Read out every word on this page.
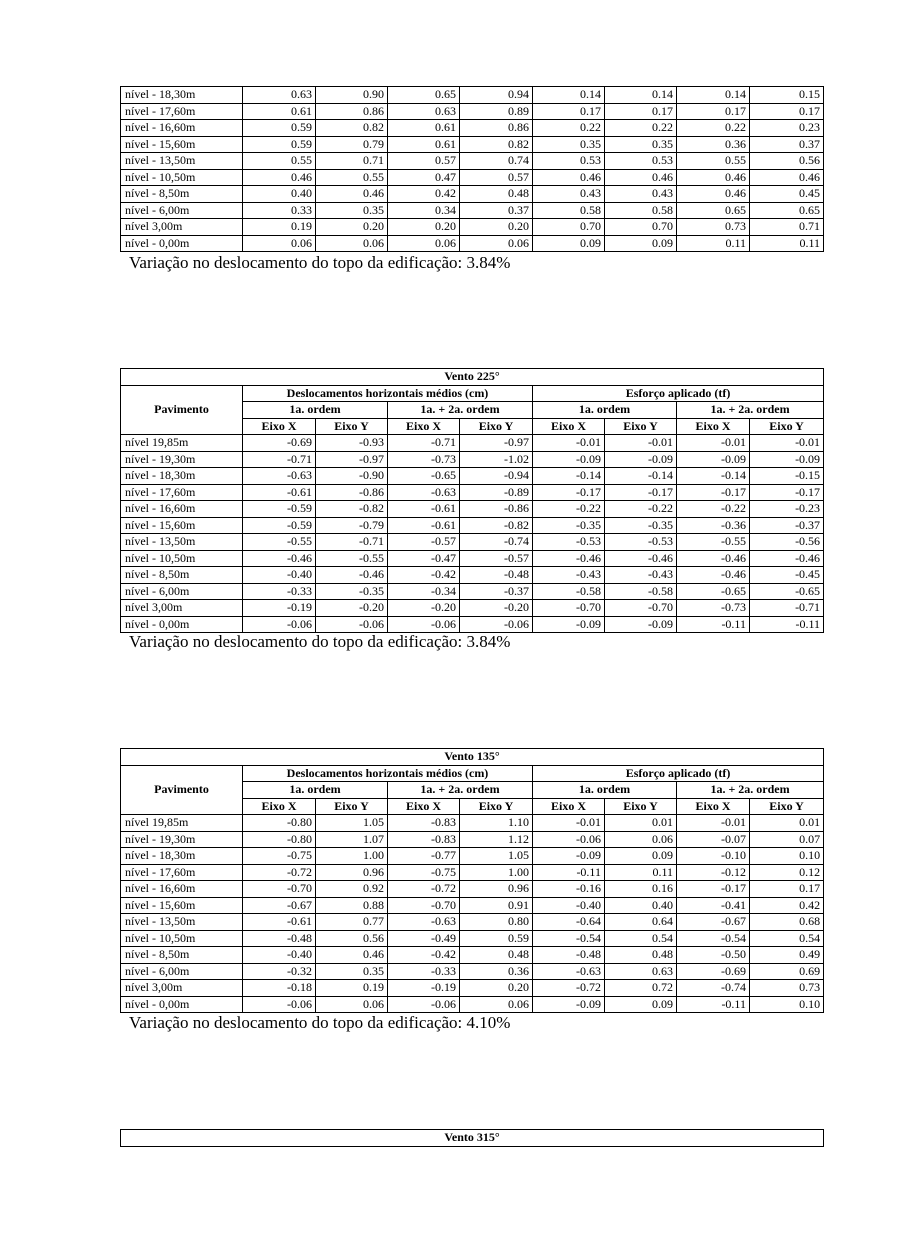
nível - 18,30m	0.63	0.90	0.65	0.94	0.14	0.14	0.14	0.15
nível - 17,60m	0.61	0.86	0.63	0.89	0.17	0.17	0.17	0.17
nível - 16,60m	0.59	0.82	0.61	0.86	0.22	0.22	0.22	0.23
nível - 15,60m	0.59	0.79	0.61	0.82	0.35	0.35	0.36	0.37
nível - 13,50m	0.55	0.71	0.57	0.74	0.53	0.53	0.55	0.56
nível - 10,50m	0.46	0.55	0.47	0.57	0.46	0.46	0.46	0.46
nível - 8,50m	0.40	0.46	0.42	0.48	0.43	0.43	0.46	0.45
nível - 6,00m	0.33	0.35	0.34	0.37	0.58	0.58	0.65	0.65
nível 3,00m	0.19	0.20	0.20	0.20	0.70	0.70	0.73	0.71
nível - 0,00m	0.06	0.06	0.06	0.06	0.09	0.09	0.11	0.11
Variação no deslocamento do topo da edificação: 3.84%
Vento 225°								
Pavimento	Deslocamentos horizontais médios (cm)				Esforço aplicado (tf)			
	1a. ordem		1a. + 2a. ordem		1a. ordem		1a. + 2a. ordem	
	Eixo X	Eixo Y	Eixo X	Eixo Y	Eixo X	Eixo Y	Eixo X	Eixo Y
nível 19,85m	-0.69	-0.93	-0.71	-0.97	-0.01	-0.01	-0.01	-0.01
nível - 19,30m	-0.71	-0.97	-0.73	-1.02	-0.09	-0.09	-0.09	-0.09
nível - 18,30m	-0.63	-0.90	-0.65	-0.94	-0.14	-0.14	-0.14	-0.15
nível - 17,60m	-0.61	-0.86	-0.63	-0.89	-0.17	-0.17	-0.17	-0.17
nível - 16,60m	-0.59	-0.82	-0.61	-0.86	-0.22	-0.22	-0.22	-0.23
nível - 15,60m	-0.59	-0.79	-0.61	-0.82	-0.35	-0.35	-0.36	-0.37
nível - 13,50m	-0.55	-0.71	-0.57	-0.74	-0.53	-0.53	-0.55	-0.56
nível - 10,50m	-0.46	-0.55	-0.47	-0.57	-0.46	-0.46	-0.46	-0.46
nível - 8,50m	-0.40	-0.46	-0.42	-0.48	-0.43	-0.43	-0.46	-0.45
nível - 6,00m	-0.33	-0.35	-0.34	-0.37	-0.58	-0.58	-0.65	-0.65
nível 3,00m	-0.19	-0.20	-0.20	-0.20	-0.70	-0.70	-0.73	-0.71
nível - 0,00m	-0.06	-0.06	-0.06	-0.06	-0.09	-0.09	-0.11	-0.11
Variação no deslocamento do topo da edificação: 3.84%
Vento 135°								
Pavimento	Deslocamentos horizontais médios (cm)				Esforço aplicado (tf)			
	1a. ordem		1a. + 2a. ordem		1a. ordem		1a. + 2a. ordem	
	Eixo X	Eixo Y	Eixo X	Eixo Y	Eixo X	Eixo Y	Eixo X	Eixo Y
nível 19,85m	-0.80	1.05	-0.83	1.10	-0.01	0.01	-0.01	0.01
nível - 19,30m	-0.80	1.07	-0.83	1.12	-0.06	0.06	-0.07	0.07
nível - 18,30m	-0.75	1.00	-0.77	1.05	-0.09	0.09	-0.10	0.10
nível - 17,60m	-0.72	0.96	-0.75	1.00	-0.11	0.11	-0.12	0.12
nível - 16,60m	-0.70	0.92	-0.72	0.96	-0.16	0.16	-0.17	0.17
nível - 15,60m	-0.67	0.88	-0.70	0.91	-0.40	0.40	-0.41	0.42
nível - 13,50m	-0.61	0.77	-0.63	0.80	-0.64	0.64	-0.67	0.68
nível - 10,50m	-0.48	0.56	-0.49	0.59	-0.54	0.54	-0.54	0.54
nível - 8,50m	-0.40	0.46	-0.42	0.48	-0.48	0.48	-0.50	0.49
nível - 6,00m	-0.32	0.35	-0.33	0.36	-0.63	0.63	-0.69	0.69
nível 3,00m	-0.18	0.19	-0.19	0.20	-0.72	0.72	-0.74	0.73
nível - 0,00m	-0.06	0.06	-0.06	0.06	-0.09	0.09	-0.11	0.10
Variação no deslocamento do topo da edificação: 4.10%
Vento 315°
